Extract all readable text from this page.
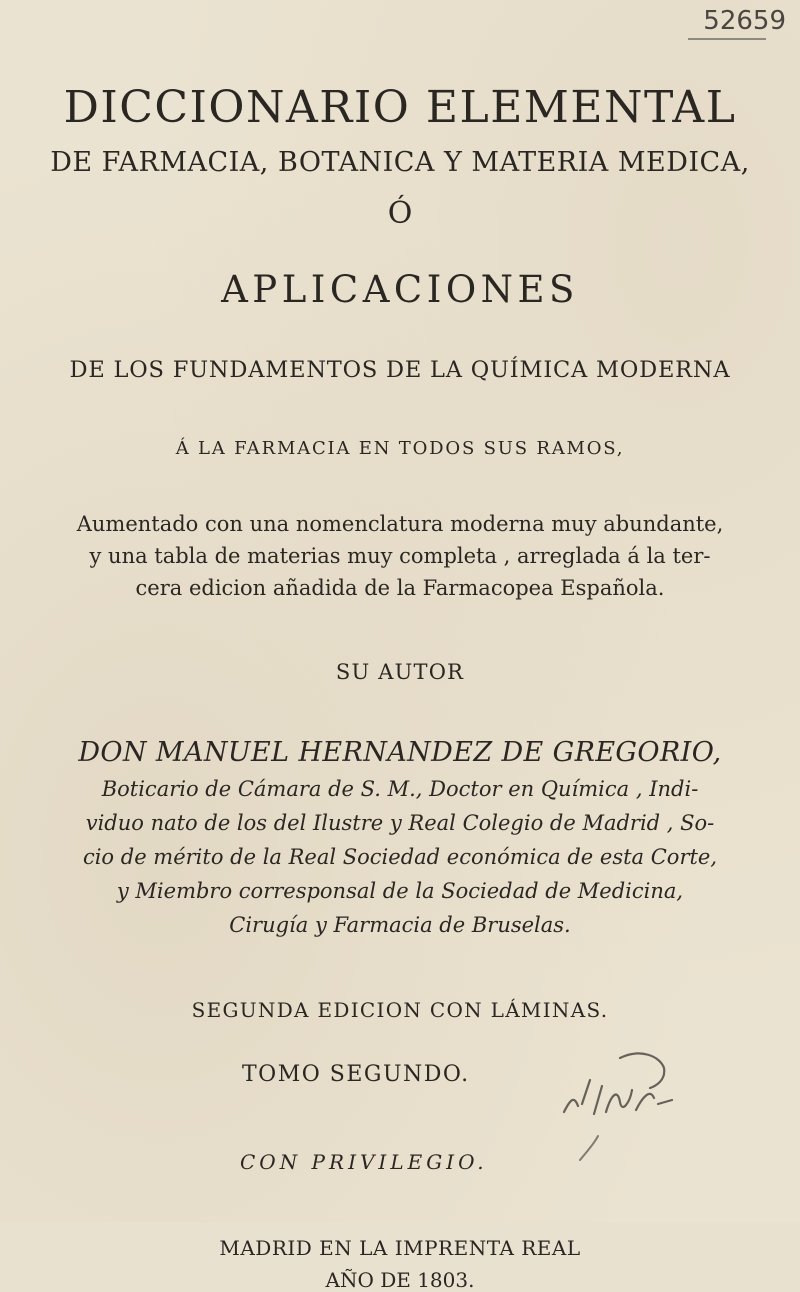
52659
DICCIONARIO ELEMENTAL
DE FARMACIA, BOTANICA Y MATERIA MEDICA,
Ó
APLICACIONES
DE LOS FUNDAMENTOS DE LA QUÍMICA MODERNA
Á LA FARMACIA EN TODOS SUS RAMOS,
Aumentado con una nomenclatura moderna muy abundante,
y una tabla de materias muy completa , arreglada á la ter-
cera edicion añadida de la Farmacopea Española.
SU AUTOR
DON MANUEL HERNANDEZ DE GREGORIO,
Boticario de Cámara de S. M., Doctor en Química , Indi-
viduo nato de los del Ilustre y Real Colegio de Madrid , So-
cio de mérito de la Real Sociedad económica de esta Corte,
y Miembro corresponsal de la Sociedad de Medicina,
Cirugía y Farmacia de Bruselas.
SEGUNDA EDICION CON LÁMINAS.
TOMO SEGUNDO.
CON PRIVILEGIO.
MADRID EN LA IMPRENTA REAL
AÑO DE 1803.
